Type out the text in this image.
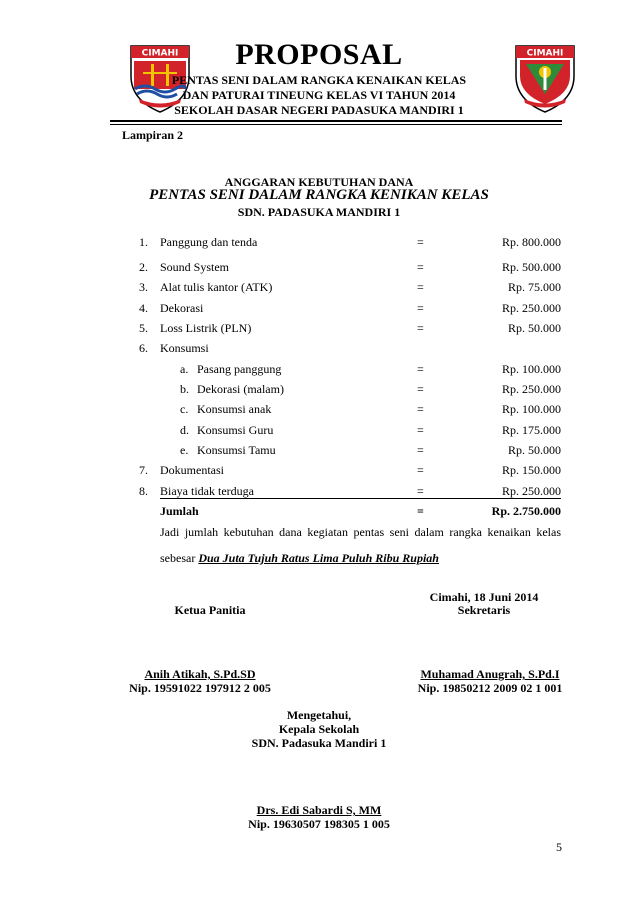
CIMAHI	CIMAHI
PROPOSAL
PENTAS SENI DALAM RANGKA KENAIKAN KELAS
DAN PATURAI TINEUNG KELAS VI TAHUN 2014
SEKOLAH DASAR NEGERI PADASUKA MANDIRI 1
Lampiran 2
ANGGARAN KEBUTUHAN DANA
PENTAS SENI DALAM RANGKA KENIKAN KELAS
SDN. PADASUKA MANDIRI 1
1. Panggung dan tenda	=	Rp. 800.000
2. Sound System	=	Rp. 500.000
3. Alat tulis kantor (ATK)	=	Rp. 75.000
4. Dekorasi	=	Rp. 250.000
5. Loss Listrik (PLN)	=	Rp. 50.000
6. Konsumsi
a. Pasang panggung	=	Rp. 100.000
b. Dekorasi (malam)	=	Rp. 250.000
c. Konsumsi anak	=	Rp. 100.000
d. Konsumsi Guru	=	Rp. 175.000
e. Konsumsi Tamu	=	Rp. 50.000
7. Dokumentasi	=	Rp. 150.000
8. Biaya tidak terduga	=	Rp. 250.000
Jumlah	=	Rp. 2.750.000
Jadi jumlah kebutuhan dana kegiatan pentas seni dalam rangka kenaikan kelas
sebesar Dua Juta Tujuh Ratus Lima Puluh Ribu Rupiah
Cimahi, 18 Juni 2014
Sekretaris
Ketua Panitia
Anih Atikah, S.Pd.SD
Nip. 19591022 197912 2 005
Muhamad Anugrah, S.Pd.I
Nip. 19850212 2009 02 1 001
Mengetahui,
Kepala Sekolah
SDN. Padasuka Mandiri 1
Drs. Edi Sabardi S, MM
Nip. 19630507 198305 1 005
5
